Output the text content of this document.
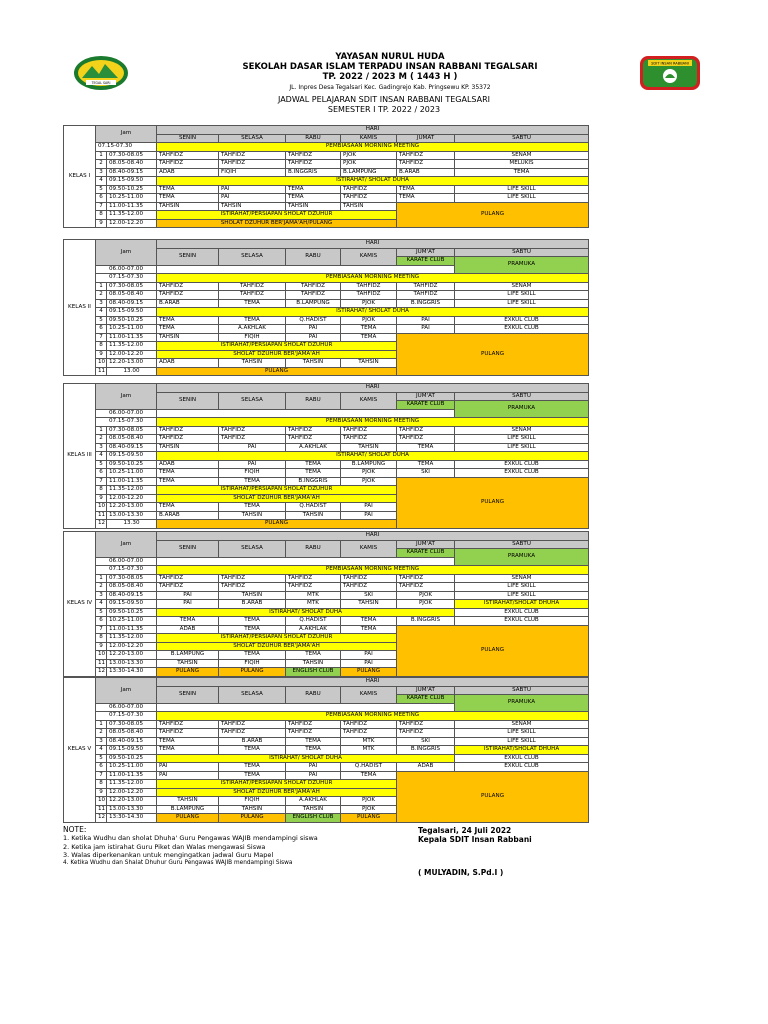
TEGAL SARI
YAYASAN NURUL HUDA
SEKOLAH DASAR ISLAM TERPADU INSAN RABBANI TEGALSARI
TP. 2022 / 2023 M ( 1443 H )
JL. Inpres Desa Tegalsari Kec. Gadingrejo Kab. Pringsewu KP. 35372
SDIT INSAN RABBANI
JADWAL PELAJARAN SDIT INSAN RABBANI TEGALSARI
SEMESTER I TP. 2022 / 2023
KELAS I	Jam		HARI					
			SENIN	SELASA	RABU	KAMIS	JUMAT	SABTU
	07.15-07.30		PEMBIASAAN MORNING MEETING					
	1	07.30-08.05	TAHFIDZ	TAHFIDZ	TAHFIDZ	PJOK	TAHFIDZ	SENAM
	2	08.05-08.40	TAHFIDZ	TAHFIDZ	TAHFIDZ	PJOK	TAHFIDZ	MELUKIS
	3	08.40-09.15	ADAB	FIQIH	B.INGGRIS	B.LAMPUNG	B.ARAB	TEMA
	4	09.15-09.50	ISTIRAHAT/ SHOLAT DUHA					
	5	09.50-10.25	TEMA	PAI	TEMA	TAHFIDZ	TEMA	LIFE SKILL
	6	10.25-11.00	TEMA	PAI	TEMA	TAHFIDZ	TEMA	LIFE SKILL
	7	11.00-11.35	TAHSIN	TAHSIN	TAHSIN	TAHSIN	PULANG	
	8	11.35-12.00	ISTIRAHAT/PERSIAPAN SHOLAT DZUHUR					
	9	12.00-12.20	SHOLAT DZUHUR BER'JAMA'AH/PULANG					
KELAS II	Jam		HARI					
			SENIN	SELASA	RABU	KAMIS	JUM'AT	SABTU
							KARATE CLUB	PRAMUKA
	06.00-07.00							
	07.15-07.30		PEMBIASAAN MORNING MEETING					
	1	07.30-08.05	TAHFIDZ	TAHFIDZ	TAHFIDZ	TAHFIDZ	TAHFIDZ	SENAM
	2	08.05-08.40	TAHFIDZ	TAHFIDZ	TAHFIDZ	TAHFIDZ	TAHFIDZ	LIFE SKILL
	3	08.40-09.15	B.ARAB	TEMA	B.LAMPUNG	PJOK	B.INGGRIS	LIFE SKILL
	4	09.15-09.50	ISTIRAHAT/ SHOLAT DUHA					
	5	09.50-10.25	TEMA	TEMA	Q.HADIST	PJOK	PAI	EXKUL CLUB
	6	10.25-11.00	TEMA	A.AKHLAK	PAI	TEMA	PAI	EXKUL CLUB
	7	11.00-11.35	TAHSIN	FIQIH	PAI	TEMA	PULANG	
	8	11.35-12.00	ISTIRAHAT/PERSIAPAN SHOLAT DZUHUR					
	9	12.00-12.20	SHOLAT DZUHUR BER'JAMA'AH					
	10	12.20-13.00	ADAB	TAHSIN	TAHSIN	TAHSIN		
	11	13.00	PULANG					
KELAS III	Jam		HARI					
			SENIN	SELASA	RABU	KAMIS	JUM'AT	SABTU
							KARATE CLUB	PRAMUKA
	06.00-07.00							
	07.15-07.30		PEMBIASAAN MORNING MEETING					
	1	07.30-08.05	TAHFIDZ	TAHFIDZ	TAHFIDZ	TAHFIDZ	TAHFIDZ	SENAM
	2	08.05-08.40	TAHFIDZ	TAHFIDZ	TAHFIDZ	TAHFIDZ	TAHFIDZ	LIFE SKILL
	3	08.40-09.15	TAHSIN	PAI	A.AKHLAK	TAHSIN	TEMA	LIFE SKILL
	4	09.15-09.50	ISTIRAHAT/ SHOLAT DUHA					
	5	09.50-10.25	ADAB	PAI	TEMA	B.LAMPUNG	TEMA	EXKUL CLUB
	6	10.25-11.00	TEMA	FIQIH	TEMA	PJOK	SKI	EXKUL CLUB
	7	11.00-11.35	TEMA	TEMA	B.INGGRIS	PJOK	PULANG	
	8	11.35-12.00	ISTIRAHAT/PERSIAPAN SHOLAT DZUHUR					
	9	12.00-12.20	SHOLAT DZUHUR BER'JAMA'AH					
	10	12.20-13.00	TEMA	TEMA	Q.HADIST	PAI		
	11	13.00-13.30	B.ARAB	TAHSIN	TAHSIN	PAI		
	12	13.30	PULANG					
KELAS IV	Jam		HARI					
			SENIN	SELASA	RABU	KAMIS	JUM'AT	SABTU
							KARATE CLUB	PRAMUKA
	06.00-07.00							
	07.15-07.30		PEMBIASAAN MORNING MEETING					
	1	07.30-08.05	TAHFIDZ	TAHFIDZ	TAHFIDZ	TAHFIDZ	TAHFIDZ	SENAM
	2	08.05-08.40	TAHFIDZ	TAHFIDZ	TAHFIDZ	TAHFIDZ	TAHFIDZ	LIFE SKILL
	3	08.40-09.15	PAI	TAHSIN	MTK	SKI	PJOK	LIFE SKILL
	4	09.15-09.50	PAI	B.ARAB	MTK	TAHSIN	PJOK	ISTIRAHAT/SHOLAT DHUHA
	5	09.50-10.25	ISTIRAHAT/ SHOLAT DUHA					EXKUL CLUB
	6	10.25-11.00	TEMA	TEMA	Q.HADIST	TEMA	B.INGGRIS	EXKUL CLUB
	7	11.00-11.35	ADAB	TEMA	A.AKHLAK	TEMA	PULANG	
	8	11.35-12.00	ISTIRAHAT/PERSIAPAN SHOLAT DZUHUR					
	9	12.00-12.20	SHOLAT DZUHUR BER'JAMA'AH					
	10	12.20-13.00	B.LAMPUNG	TEMA	TEMA	PAI		
	11	13.00-13.30	TAHSIN	FIQIH	TAHSIN	PAI		
	12	13:30-14.30	PULANG	PULANG	ENGLISH CLUB	PULANG		
KELAS V	Jam		HARI					
			SENIN	SELASA	RABU	KAMIS	JUM'AT	SABTU
							KARATE CLUB	PRAMUKA
	06.00-07.00							
	07.15-07.30		PEMBIASAAN MORNING MEETING					
	1	07.30-08.05	TAHFIDZ	TAHFIDZ	TAHFIDZ	TAHFIDZ	TAHFIDZ	SENAM
	2	08.05-08.40	TAHFIDZ	TAHFIDZ	TAHFIDZ	TAHFIDZ	TAHFIDZ	LIFE SKILL
	3	08.40-09.15	TEMA	B.ARAB	TEMA	MTK	SKI	LIFE SKILL
	4	09.15-09.50	TEMA	TEMA	TEMA	MTK	B.INGGRIS	ISTIRAHAT/SHOLAT DHUHA
	5	09.50-10.25	ISTIRAHAT/ SHOLAT DUHA					EXKUL CLUB
	6	10.25-11.00	PAI	TEMA	PAI	Q.HADIST	ADAB	EXKUL CLUB
	7	11.00-11.35	PAI	TEMA	PAI	TEMA	PULANG	
	8	11.35-12.00	ISTIRAHAT/PERSIAPAN SHOLAT DZUHUR					
	9	12.00-12.20	SHOLAT DZUHUR BER'JAMA'AH					
	10	12.20-13.00	TAHSIN	FIQIH	A.AKHLAK	PJOK		
	11	13.00-13.30	B.LAMPUNG	TAHSIN	TAHSIN	PJOK		
	12	13:30-14.30	PULANG	PULANG	ENGLISH CLUB	PULANG		
NOTE:
1. Ketika Wudhu dan sholat Dhuha' Guru Pengawas WAJIB mendampingi siswa
2. Ketika jam istirahat Guru Piket dan Walas mengawasi Siswa
3. Walas diperkenankan untuk mengingatkan jadwal Guru Mapel
4. Ketika Wudhu dan Shalat Dhuhur Guru Pengawas WAJIB mendampingi Siswa
Tegalsari, 24 Juli 2022
Kepala SDIT Insan Rabbani
( MULYADIN, S.Pd.I )
